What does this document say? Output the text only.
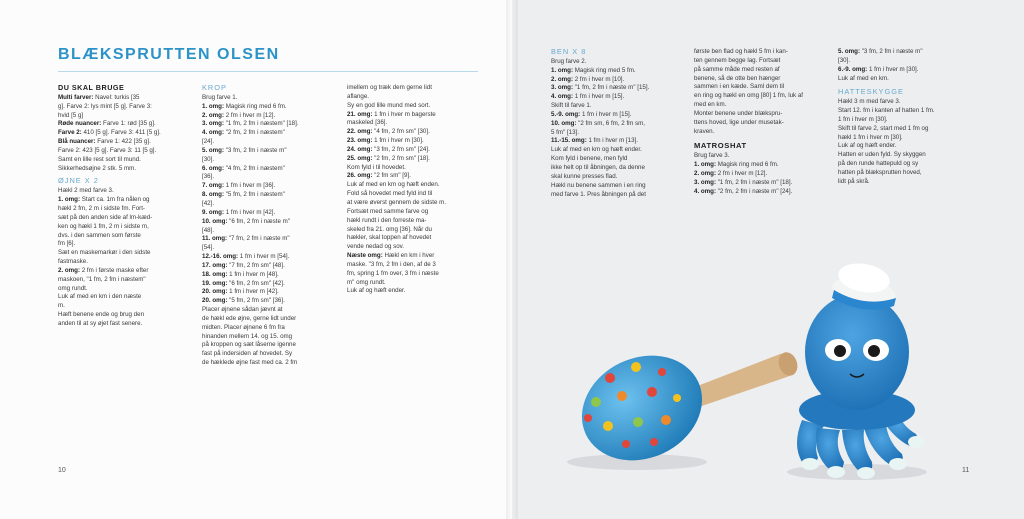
BLÆKSPRUTTEN OLSEN

DU SKAL BRUGE

Multi farver: Navel: turkis [35

g]. Farve 2: lys mint [5 g]. Farve 3:

hvid [5 g]

Røde nuancer: Farve 1: rød [35 g].

Farve 2: 410 [5 g]. Farve 3: 411 [5 g].

Blå nuancer: Farve 1: 422 [35 g].

Farve 2: 423 [5 g]. Farve 3: 11 [5 g].

Samt en lille rest sort til mund.

Sikkerhedsøjne 2 stk. 5 mm.

ØJNE X 2

Hækl 2 med farve 3.

1. omg: Start ca. 1m fra nålen og

hækl 2 fm, 2 m i sidste fm. Fort-

sæt på den anden side af lm-kæd-

ken og hækl 1 fm, 2 m i sidste m,

dvs. i den sammen som første

fm [6].

Sæt en maskemarkør i den sidste

fastmaske.

2. omg: 2 fm i første maske efter

maskoen, "1 fm, 2 fm i næstem"

omg rundt.

Luk af med en km i den næste

m.

Hæft benene ende og brug den

anden til at sy øjet fast senere.

KROP

Brug farve 1.

1. omg: Magisk ring med 6 fm.

2. omg: 2 fm i hver m [12].

3. omg: "1 fm, 2 fm i næstem" [18].

4. omg: "2 fm, 2 fm i næstem"

[24].

5. omg: "3 fm, 2 fm i næste m"

[30].

6. omg: "4 fm, 2 fm i næstem"

[36].

7. omg: 1 fm i hver m [36].

8. omg: "5 fm, 2 fm i næstem"

[42].

9. omg: 1 fm i hver m [42].

10. omg: "6 fm, 2 fm i næste m"

[48].

11. omg: "7 fm, 2 fm i næste m"

[54].

12.-16. omg: 1 fm i hver m [54].

17. omg: "7 fm, 2 fm sm" [48].

18. omg: 1 fm i hver m [48].

19. omg: "6 fm, 2 fm sm" [42].

20. omg: 1 fm i hver m [42].

20. omg: "5 fm, 2 fm sm" [36].

Placer øjnene sådan jævnt at

de hækl ede øjne, gerne lidt under

midten. Placer øjnene 6 fm fra

hinanden mellem 14. og 15. omg

på kroppen og sæt låserne igenne

fast på indersiden af hovedet. Sy

de hæklede øjne fast med ca. 2 fm

imellem og træk dem gerne lidt

aflange.

Sy en god lille mund med sort.

21. omg: 1 fm i hver m bagerste

maskeled [36].

22. omg: "4 fm, 2 fm sm" [30].

23. omg: 1 fm i hver m [30].

24. omg: "3 fm, 2 fm sm" [24].

25. omg: "2 fm, 2 fm sm" [18].

Kom fyld i til hovedet.

26. omg: "2 fm sm" [9].

Luk af med en km og hæft enden.

Fold så hovedet med fyld ind til

at være øverst gennem de sidste m.

Fortsæt med samme farve og

hækl rundt i den forreste ma-

skeled fra 21. omg [36]. Når du

hækler, skal toppen af hovedet

vende nedad og sov.

Næste omg: Hækl en km i hver

maske. "3 fm, 2 fm i den, af de 3

fm, spring 1 fm over, 3 fm i næste

m" omg rundt.

Luk af og hæft ender.

BEN X 8

Brug farve 2.

1. omg: Magisk ring med 5 fm.

2. omg: 2 fm i hver m [10].

3. omg: "1 fm, 2 fm i næste m" [15].

4. omg: 1 fm i hver m [15].

Skift til farve 1.

5.-9. omg: 1 fm i hver m [15].

10. omg: "2 fm sm, 6 fm, 2 fm sm,

5 fm" [13].

11.-15. omg: 1 fm i hver m [13].

Luk af med en km og hæft ender.

Kom fyld i benene, men fyld

ikke helt op til åbningen, da denne

skal kunne presses flad.

Hækl nu benene sammen i en ring

med farve 1. Pres åbningen på det

første ben flad og hækl 5 fm i kan-

ten gennem begge lag. Fortsæt

på samme måde med resten af

benene, så de otte ben hænger

sammen i en kæde. Saml dem til

en ring og hækl en omg [80] 1 fm, luk af

med en km.

Monter benene under blækspru-

ttens hoved, lige under musetak-

kraven.

MATROSHAT

Brug farve 3.

1. omg: Magisk ring med 6 fm.

2. omg: 2 fm i hver m [12].

3. omg: "1 fm, 2 fm i næste m" [18].

4. omg: "2 fm, 2 fm i næste m" [24].

5. omg: "3 fm, 2 fm i næste m"

[30].

6.-9. omg: 1 fm i hver m [30].

Luk af med en km.

HATTESKYGGE

Hækl 3 m med farve 3.

Start 12. fm i kanten af hatten 1 fm.

1 fm i hver m [30].

Skift til farve 2, start med 1 fm og

hækl 1 fm i hver m [30].

Luk af og hæft ender.

Hatten er uden fyld. Sy skyggen

på den runde hattepuld og sy

hatten på blæksprutten hoved,

lidt på skrå.

10	11
